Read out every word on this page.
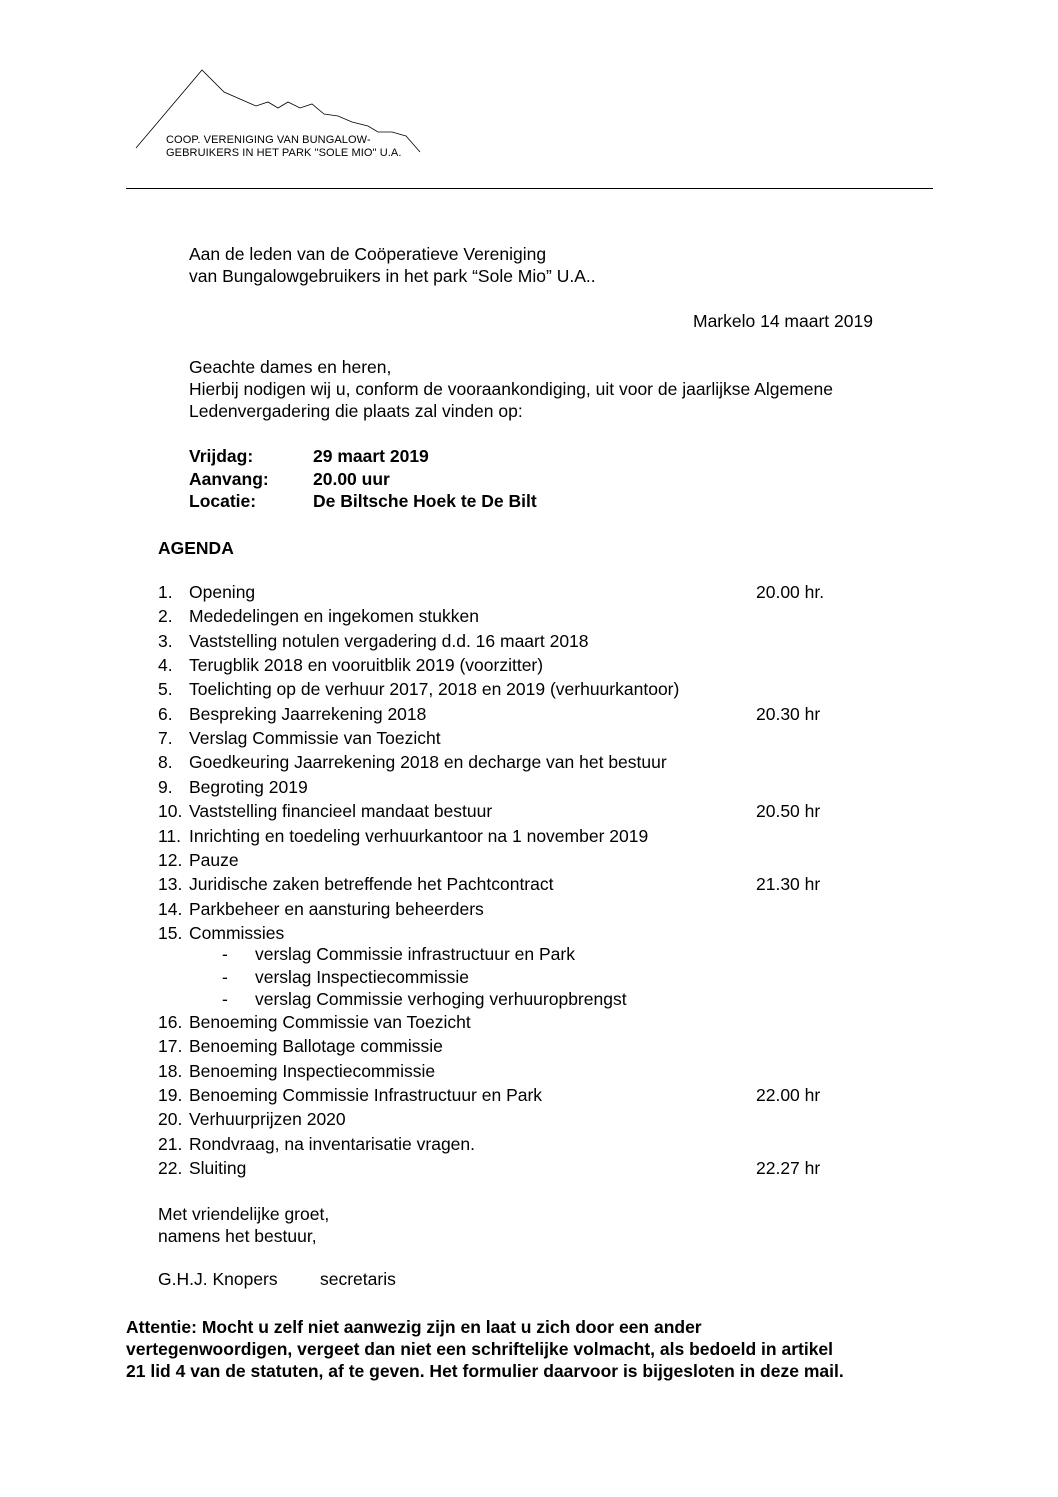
COOP. VERENIGING VAN BUNGALOW-
GEBRUIKERS IN HET PARK "SOLE MIO" U.A.
Aan de leden van de Coöperatieve Vereniging
van Bungalowgebruikers in het park “Sole Mio” U.A..
Markelo 14 maart 2019
Geachte dames en heren,
Hierbij nodigen wij u, conform de vooraankondiging, uit voor de jaarlijkse Algemene
Ledenvergadering die plaats zal vinden op:
Vrijdag:	29 maart 2019
Aanvang:	20.00 uur
Locatie:	De Biltsche Hoek te De Bilt
AGENDA
1. Opening	20.00 hr.
2. Mededelingen en ingekomen stukken
3. Vaststelling notulen vergadering d.d. 16 maart 2018
4. Terugblik 2018 en vooruitblik 2019 (voorzitter)
5. Toelichting op de verhuur 2017, 2018 en 2019 (verhuurkantoor)
6. Bespreking Jaarrekening 2018	20.30 hr
7. Verslag Commissie van Toezicht
8. Goedkeuring Jaarrekening 2018 en decharge van het bestuur
9. Begroting 2019
10. Vaststelling financieel mandaat bestuur	20.50 hr
11. Inrichting en toedeling verhuurkantoor na 1 november 2019
12. Pauze
13. Juridische zaken betreffende het Pachtcontract	21.30 hr
14. Parkbeheer en aansturing beheerders
15. Commissies
- verslag Commissie infrastructuur en Park
- verslag Inspectiecommissie
- verslag Commissie verhoging verhuuropbrengst
16. Benoeming Commissie van Toezicht
17. Benoeming Ballotage commissie
18. Benoeming Inspectiecommissie
19. Benoeming Commissie Infrastructuur en Park	22.00 hr
20. Verhuurprijzen 2020
21. Rondvraag, na inventarisatie vragen.
22. Sluiting	22.27 hr
Met vriendelijke groet,
namens het bestuur,
G.H.J. Knopers secretaris
Attentie: Mocht u zelf niet aanwezig zijn en laat u zich door een ander
vertegenwoordigen, vergeet dan niet een schriftelijke volmacht, als bedoeld in artikel
21 lid 4 van de statuten, af te geven. Het formulier daarvoor is bijgesloten in deze mail.
